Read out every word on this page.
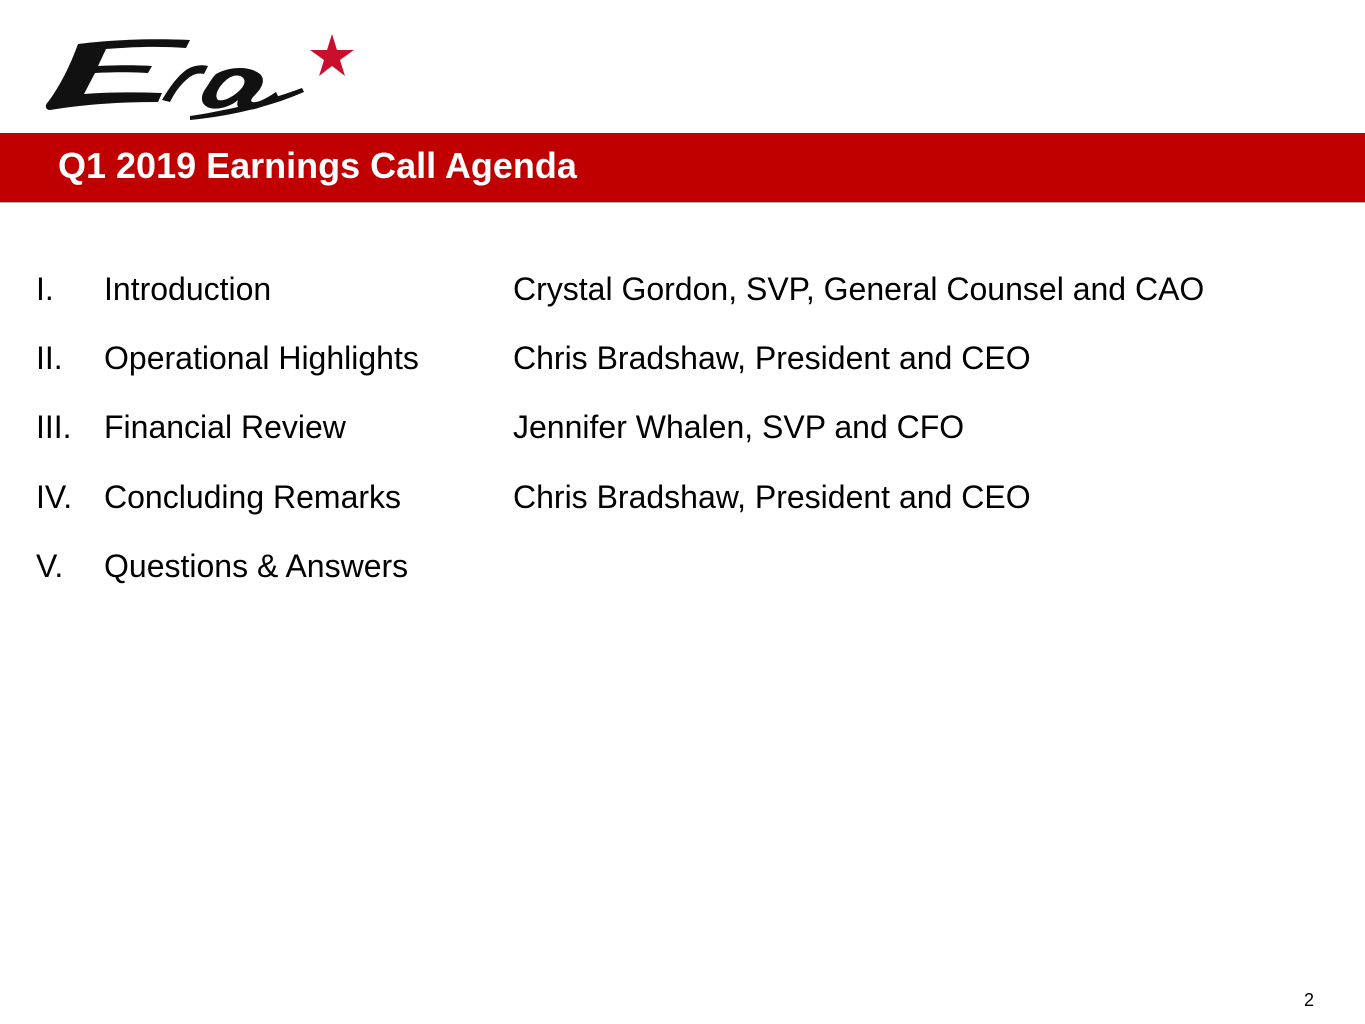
Q1 2019 Earnings Call Agenda
I. Introduction	Crystal Gordon, SVP, General Counsel and CAO
II. Operational Highlights	Chris Bradshaw, President and CEO
III. Financial Review	Jennifer Whalen, SVP and CFO
IV. Concluding Remarks	Chris Bradshaw, President and CEO
V. Questions & Answers
2
